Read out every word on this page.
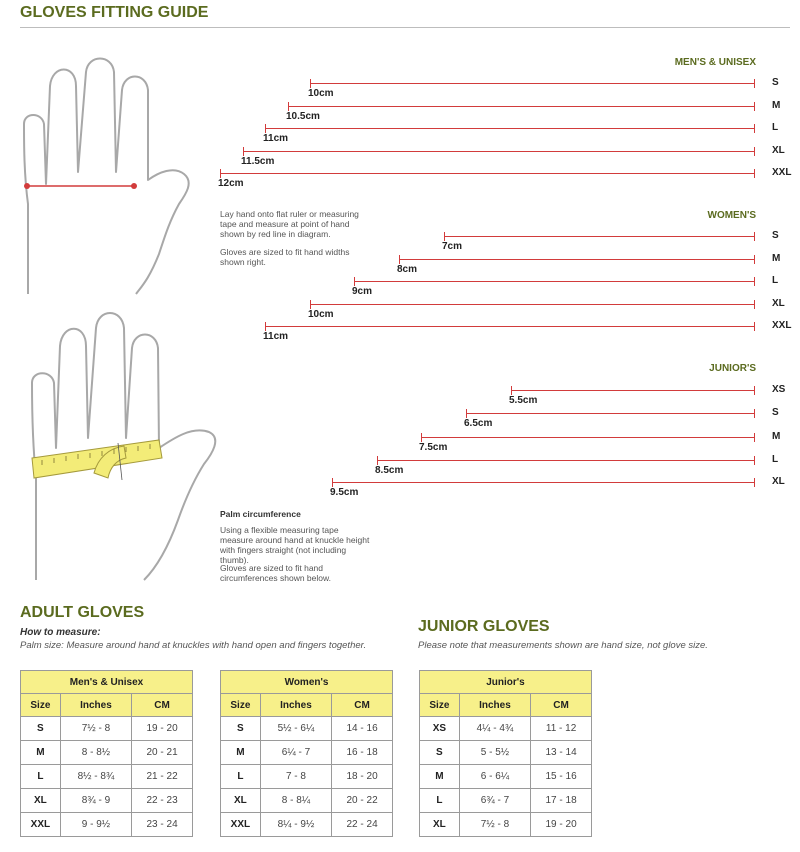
GLOVES FITTING GUIDE
MEN'S & UNISEX
10cm
S
10.5cm
M
11cm
L
11.5cm
XL
12cm
XXL
Lay hand onto flat ruler or measuring tape and measure at point of hand shown by red line in diagram.
Gloves are sized to fit hand widths shown right.
WOMEN'S
7cm
S
8cm
M
9cm
L
10cm
XL
11cm
XXL
JUNIOR'S
5.5cm
XS
6.5cm
S
7.5cm
M
8.5cm
L
9.5cm
XL
Palm circumference
Using a flexible measuring tape measure around hand at knuckle height with fingers straight (not including thumb).
Gloves are sized to fit hand circumferences shown below.
ADULT GLOVES
How to measure:
Palm size: Measure around hand at knuckles with hand open and fingers together.
JUNIOR GLOVES
Please note that measurements shown are hand size, not glove size.
Men's & Unisex		
Size	Inches	CM
S	7½ - 8	19 - 20
M	8 - 8½	20 - 21
L	8½ - 8¾	21 - 22
XL	8¾ - 9	22 - 23
XXL	9 - 9½	23 - 24
Women's		
Size	Inches	CM
S	5½ - 6¼	14 - 16
M	6¼ - 7	16 - 18
L	7 - 8	18 - 20
XL	8 - 8¼	20 - 22
XXL	8¼ - 9½	22 - 24
Junior's		
Size	Inches	CM
XS	4¼ - 4¾	11 - 12
S	5 - 5½	13 - 14
M	6 - 6¼	15 - 16
L	6¾ - 7	17 - 18
XL	7½ - 8	19 - 20
